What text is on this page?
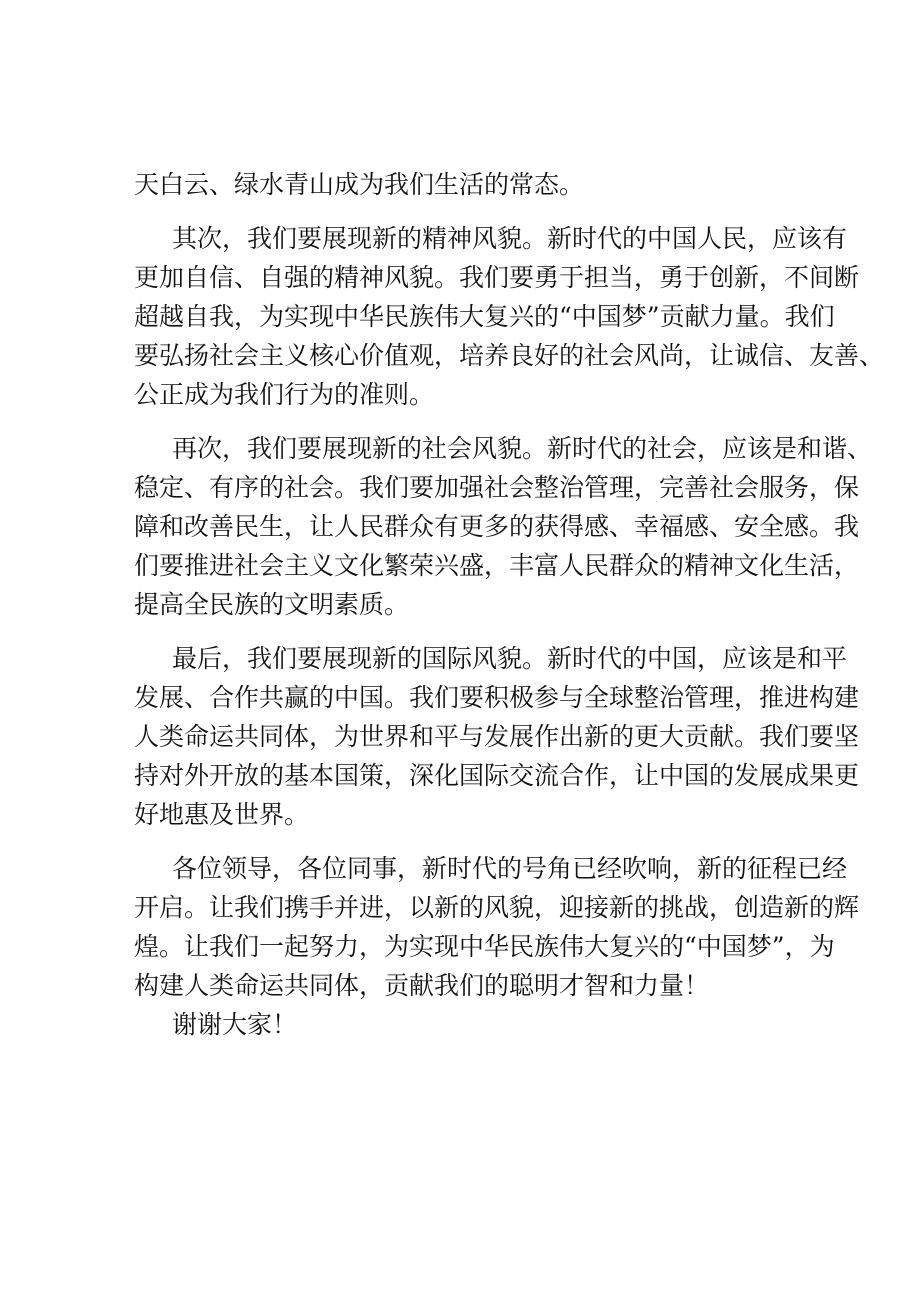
天白云、绿水青山成为我们生活的常态。
其次，我们要展现新的精神风貌。新时代的中国人民，应该有
更加自信、自强的精神风貌。我们要勇于担当，勇于创新，不间断
超越自我，为实现中华民族伟大复兴的“中国梦”贡献力量。我们
要弘扬社会主义核心价值观，培养良好的社会风尚，让诚信、友善、
公正成为我们行为的准则。
再次，我们要展现新的社会风貌。新时代的社会，应该是和谐、
稳定、有序的社会。我们要加强社会整治管理，完善社会服务，保
障和改善民生，让人民群众有更多的获得感、幸福感、安全感。我
们要推进社会主义文化繁荣兴盛，丰富人民群众的精神文化生活，
提高全民族的文明素质。
最后，我们要展现新的国际风貌。新时代的中国，应该是和平
发展、合作共赢的中国。我们要积极参与全球整治管理，推进构建
人类命运共同体，为世界和平与发展作出新的更大贡献。我们要坚
持对外开放的基本国策，深化国际交流合作，让中国的发展成果更
好地惠及世界。
各位领导，各位同事，新时代的号角已经吹响，新的征程已经
开启。让我们携手并进，以新的风貌，迎接新的挑战，创造新的辉
煌。让我们一起努力，为实现中华民族伟大复兴的“中国梦”，为
构建人类命运共同体，贡献我们的聪明才智和力量！
谢谢大家！
